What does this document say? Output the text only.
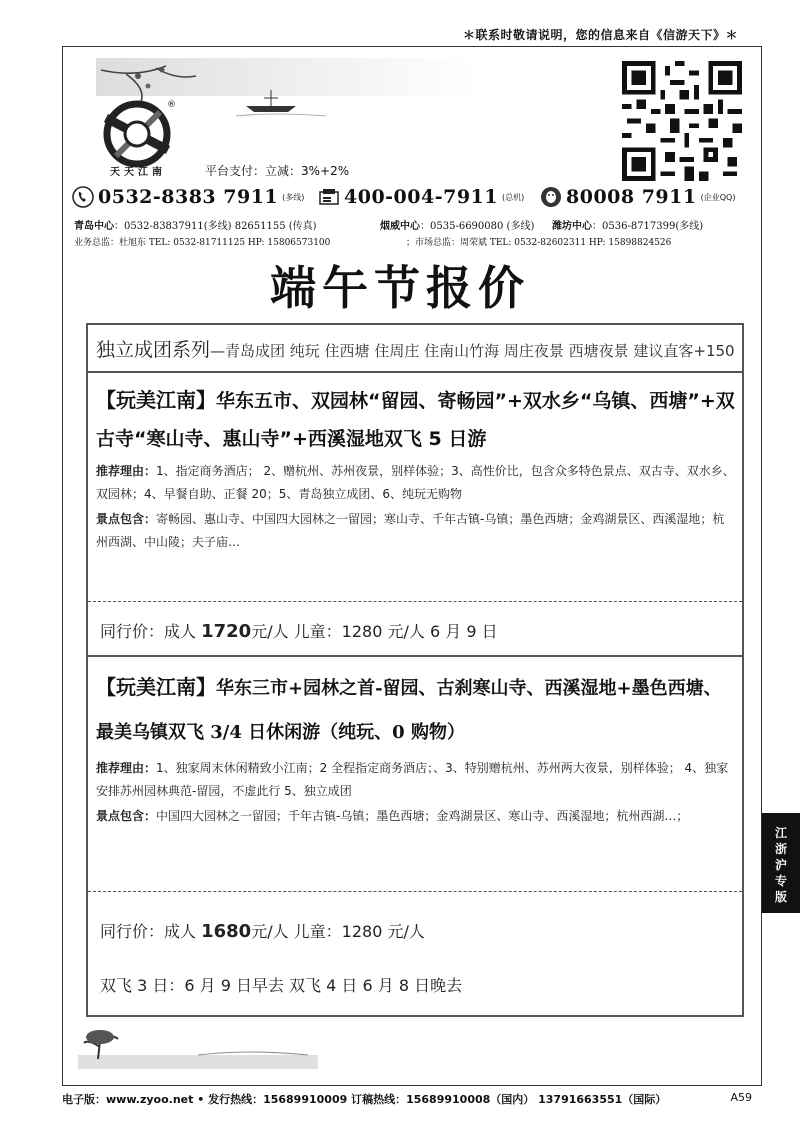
＊联系时敬请说明，您的信息来自《信游天下》＊
®
天天江南	平台支付：立减：3%+2%
0532-8383 7911 (多线) 400-004-7911 (总机) 80008 7911 (企业QQ)
青岛中心：0532-83837911(多线) 82651155 (传真)	烟威中心：0535-6690080 (多线) 潍坊中心：0536-8717399(多线)
业务总监：杜旭东 TEL: 0532-81711125 HP: 15806573100	；市场总监：周荣斌 TEL: 0532-82602311 HP: 15898824526
端午节报价
独立成团系列—青岛成团 纯玩 住西塘 住周庄 住南山竹海 周庄夜景 西塘夜景 建议直客+150
【玩美江南】华东五市、双园林“留园、寄畅园”+双水乡“乌镇、西塘”+双古寺“寒山寺、惠山寺”+西溪湿地双飞 5 日游
推荐理由：1、指定商务酒店； 2、赠杭州、苏州夜景，别样体验；3、高性价比，包含众多特色景点、双古寺、双水乡、双园林；4、早餐自助、正餐 20；5、青岛独立成团、6、纯玩无购物
景点包含：寄畅园、惠山寺、中国四大园林之一留园；寒山寺、千年古镇-乌镇；墨色西塘；金鸡湖景区、西溪湿地；杭州西湖、中山陵；夫子庙…
同行价：成人 1720元/人 儿童：1280 元/人 6 月 9 日
【玩美江南】华东三市+园林之首-留园、古刹寒山寺、西溪湿地+墨色西塘、最美乌镇双飞 3/4 日休闲游（纯玩、0 购物）
推荐理由：1、独家周末休闲精致小江南；2 全程指定商务酒店；、3、特别赠杭州、苏州两大夜景，别样体验； 4、独家安排苏州园林典范-留园，不虚此行 5、独立成团
景点包含：中国四大园林之一留园；千年古镇-乌镇；墨色西塘；金鸡湖景区、寒山寺、西溪湿地；杭州西湖…；
同行价：成人 1680元/人 儿童：1280 元/人
双飞 3 日：6 月 9 日早去 双飞 4 日 6 月 8 日晚去
江
浙
沪
专
版
电子版：www.zyoo.net • 发行热线：15689910009 订稿热线：15689910008（国内） 13791663551（国际）	A59
